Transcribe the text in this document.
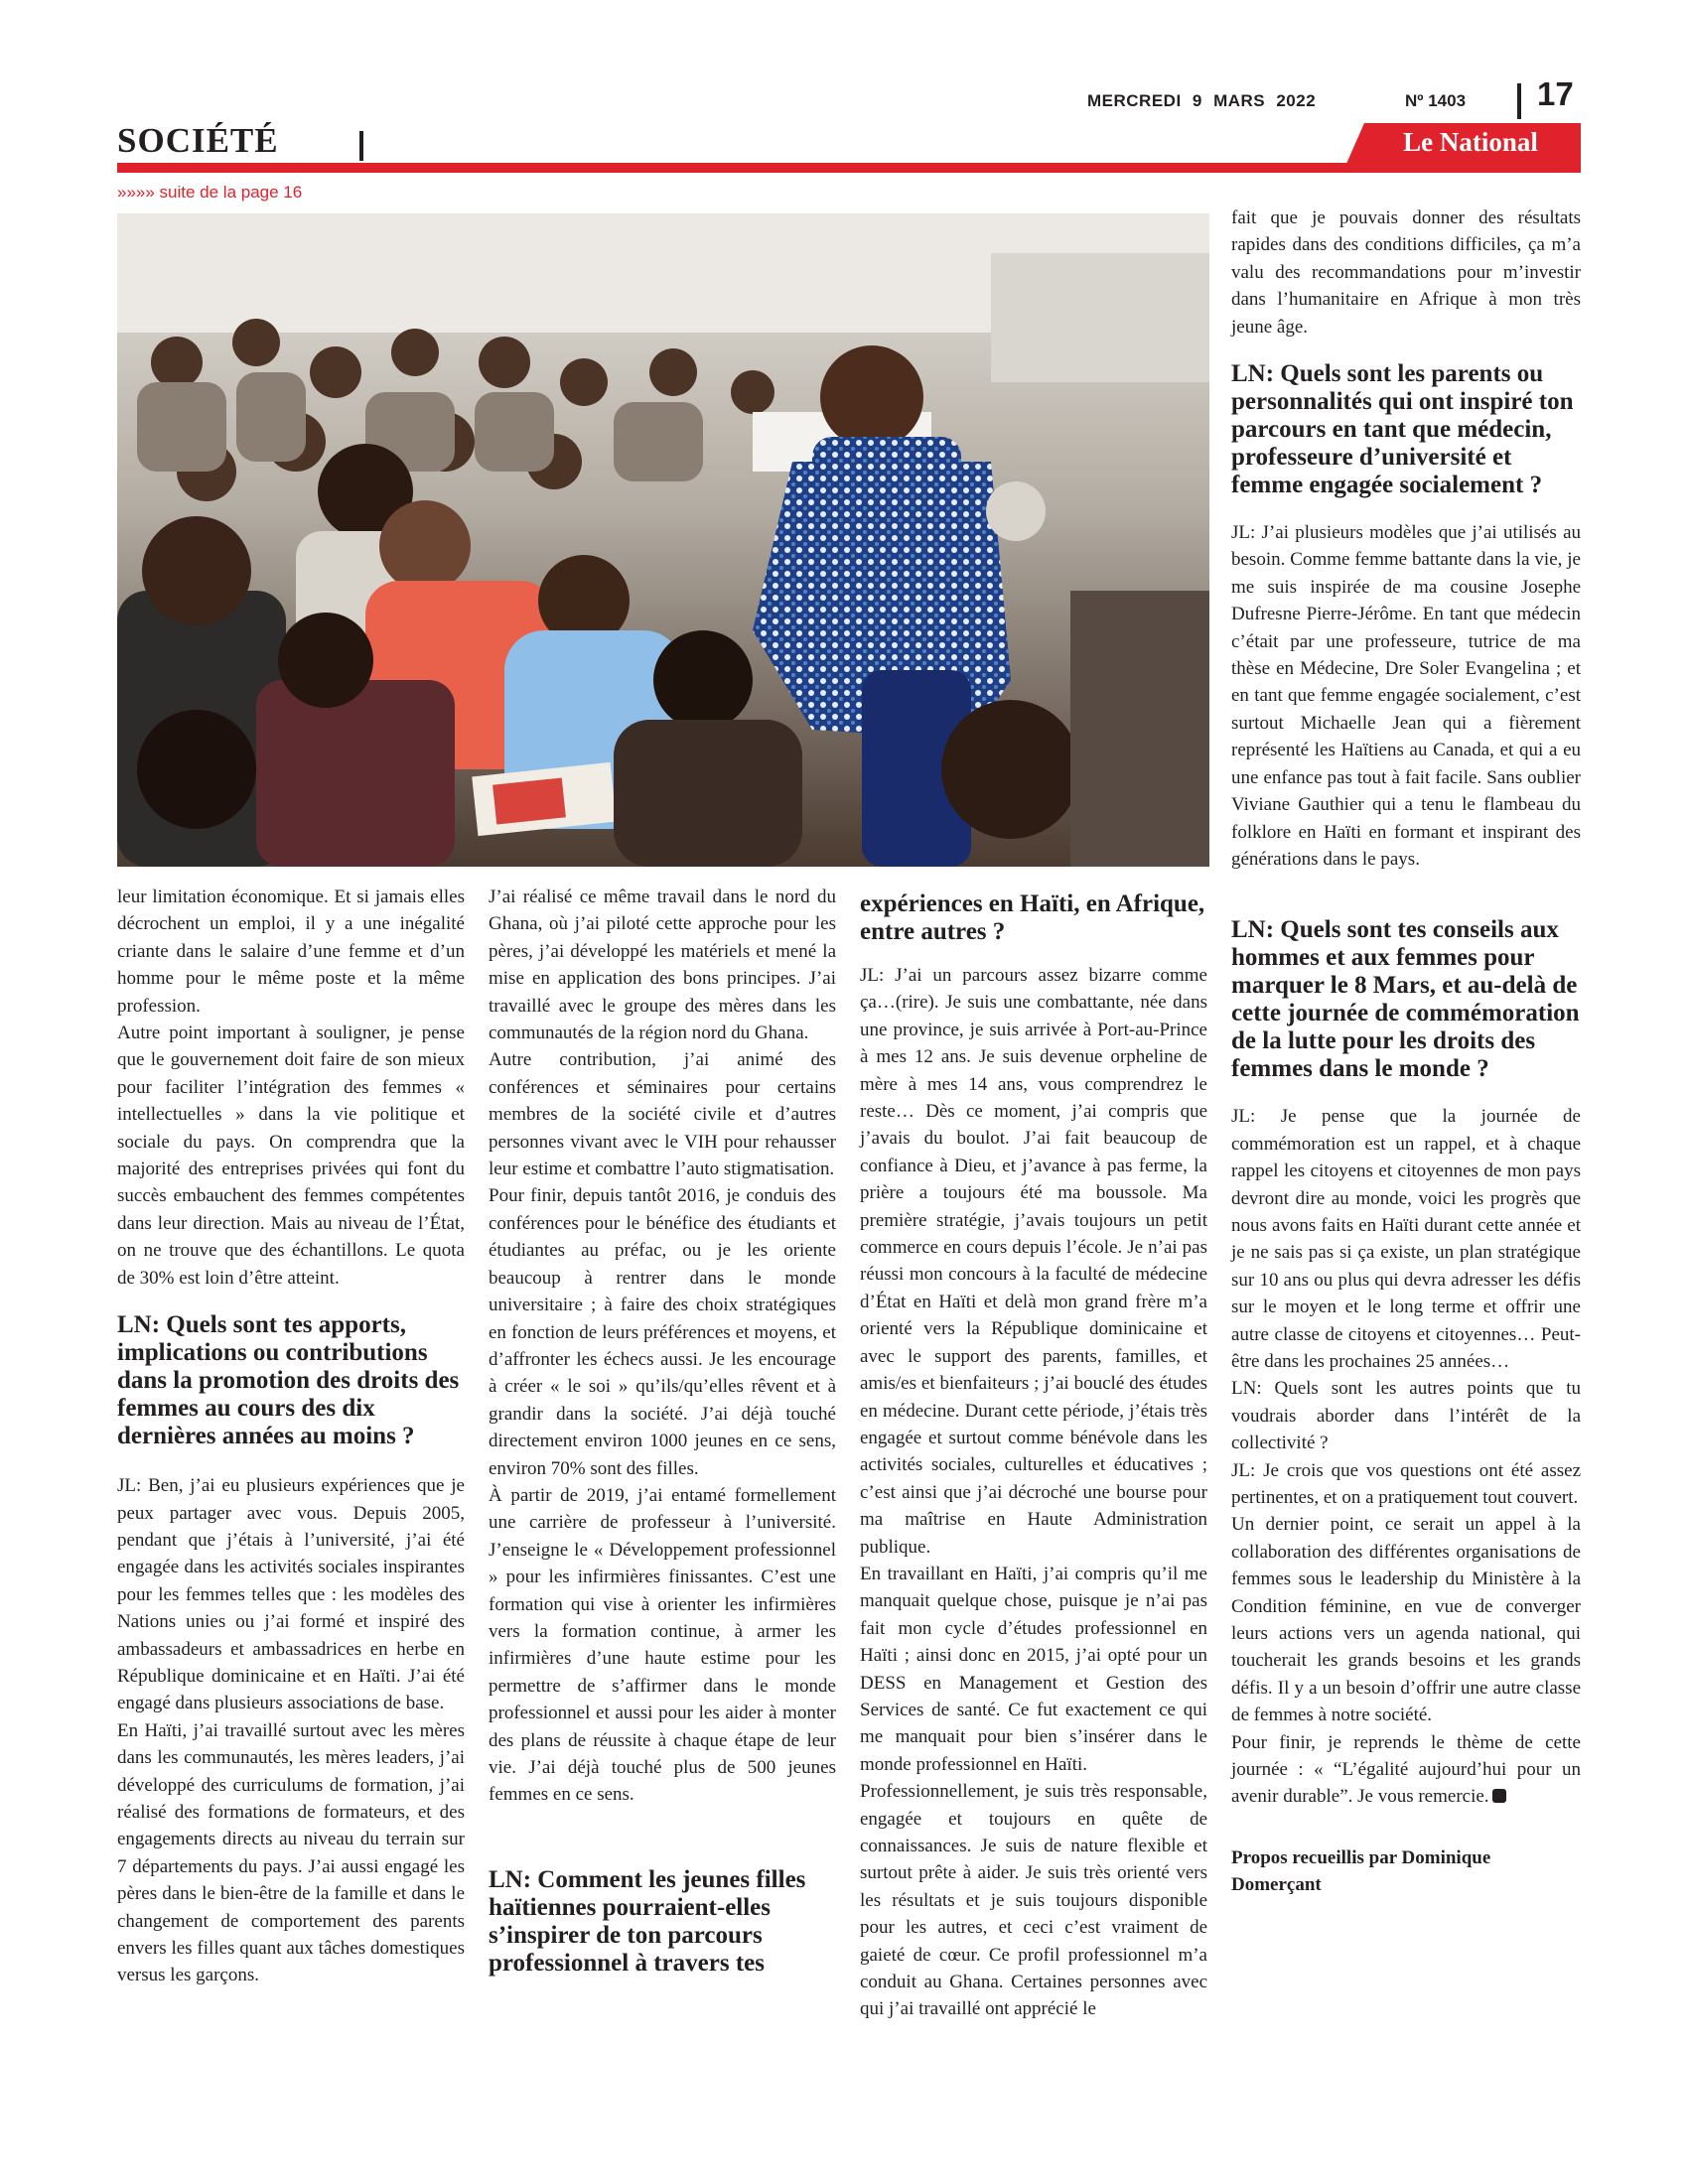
MERCREDI 9 MARS 2022	Nº 1403 17
SOCIÉTÉ	Le National
»»»» suite de la page 16

leur limitation économique. Et si jamais elles décrochent un emploi, il y a une inégalité criante dans le salaire d’une femme et d’un homme pour le même poste et la même profession.

Autre point important à souligner, je pense que le gouvernement doit faire de son mieux pour faciliter l’intégration des femmes « intellectuelles » dans la vie politique et sociale du pays. On comprendra que la majorité des entreprises privées qui font du succès embauchent des femmes compétentes dans leur direction. Mais au niveau de l’État, on ne trouve que des échantillons. Le quota de 30% est loin d’être atteint.

LN: Quels sont tes apports, implications ou contributions dans la promotion des droits des femmes au cours des dix dernières années au moins ?

JL: Ben, j’ai eu plusieurs expériences que je peux partager avec vous. Depuis 2005, pendant que j’étais à l’université, j’ai été engagée dans les activités sociales inspirantes pour les femmes telles que : les modèles des Nations unies ou j’ai formé et inspiré des ambassadeurs et ambassadrices en herbe en République dominicaine et en Haïti. J’ai été engagé dans plusieurs associations de base.

En Haïti, j’ai travaillé surtout avec les mères dans les communautés, les mères leaders, j’ai développé des curriculums de formation, j’ai réalisé des formations de formateurs, et des engagements directs au niveau du terrain sur 7 départements du pays. J’ai aussi engagé les pères dans le bien-être de la famille et dans le changement de comportement des parents envers les filles quant aux tâches domestiques versus les garçons.

J’ai réalisé ce même travail dans le nord du Ghana, où j’ai piloté cette approche pour les pères, j’ai développé les matériels et mené la mise en application des bons principes. J’ai travaillé avec le groupe des mères dans les communautés de la région nord du Ghana.

Autre contribution, j’ai animé des conférences et séminaires pour certains membres de la société civile et d’autres personnes vivant avec le VIH pour rehausser leur estime et combattre l’auto stigmatisation.

Pour finir, depuis tantôt 2016, je conduis des conférences pour le bénéfice des étudiants et étudiantes au préfac, ou je les oriente beaucoup à rentrer dans le monde universitaire ; à faire des choix stratégiques en fonction de leurs préférences et moyens, et d’affronter les échecs aussi. Je les encourage à créer « le soi » qu’ils/qu’elles rêvent et à grandir dans la société. J’ai déjà touché directement environ 1000 jeunes en ce sens, environ 70% sont des filles.

À partir de 2019, j’ai entamé formellement une carrière de professeur à l’université. J’enseigne le « Développement professionnel » pour les infirmières finissantes. C’est une formation qui vise à orienter les infirmières vers la formation continue, à armer les infirmières d’une haute estime pour les permettre de s’affirmer dans le monde professionnel et aussi pour les aider à monter des plans de réussite à chaque étape de leur vie. J’ai déjà touché plus de 500 jeunes femmes en ce sens.

LN: Comment les jeunes filles haïtiennes pourraient-elles s’inspirer de ton parcours professionnel à travers tes
expériences en Haïti, en Afrique, entre autres ?

JL: J’ai un parcours assez bizarre comme ça…(rire). Je suis une combattante, née dans une province, je suis arrivée à Port-au-Prince à mes 12 ans. Je suis devenue orpheline de mère à mes 14 ans, vous comprendrez le reste… Dès ce moment, j’ai compris que j’avais du boulot. J’ai fait beaucoup de confiance à Dieu, et j’avance à pas ferme, la prière a toujours été ma boussole. Ma première stratégie, j’avais toujours un petit commerce en cours depuis l’école. Je n’ai pas réussi mon concours à la faculté de médecine d’État en Haïti et delà mon grand frère m’a orienté vers la République dominicaine et avec le support des parents, familles, et amis/es et bienfaiteurs ; j’ai bouclé des études en médecine. Durant cette période, j’étais très engagée et surtout comme bénévole dans les activités sociales, culturelles et éducatives ; c’est ainsi que j’ai décroché une bourse pour ma maîtrise en Haute Administration publique.

En travaillant en Haïti, j’ai compris qu’il me manquait quelque chose, puisque je n’ai pas fait mon cycle d’études professionnel en Haïti ; ainsi donc en 2015, j’ai opté pour un DESS en Management et Gestion des Services de santé. Ce fut exactement ce qui me manquait pour bien s’insérer dans le monde professionnel en Haïti.

Professionnellement, je suis très responsable, engagée et toujours en quête de connaissances. Je suis de nature flexible et surtout prête à aider. Je suis très orienté vers les résultats et je suis toujours disponible pour les autres, et ceci c’est vraiment de gaieté de cœur. Ce profil professionnel m’a conduit au Ghana. Certaines personnes avec qui j’ai travaillé ont apprécié le

fait que je pouvais donner des résultats rapides dans des conditions difficiles, ça m’a valu des recommandations pour m’investir dans l’humanitaire en Afrique à mon très jeune âge.

LN: Quels sont les parents ou personnalités qui ont inspiré ton parcours en tant que médecin, professeure d’université et femme engagée socialement ?

JL: J’ai plusieurs modèles que j’ai utilisés au besoin. Comme femme battante dans la vie, je me suis inspirée de ma cousine Josephe Dufresne Pierre-Jérôme. En tant que médecin c’était par une professeure, tutrice de ma thèse en Médecine, Dre Soler Evangelina ; et en tant que femme engagée socialement, c’est surtout Michaelle Jean qui a fièrement représenté les Haïtiens au Canada, et qui a eu une enfance pas tout à fait facile. Sans oublier Viviane Gauthier qui a tenu le flambeau du folklore en Haïti en formant et inspirant des générations dans le pays.

LN: Quels sont tes conseils aux hommes et aux femmes pour marquer le 8 Mars, et au-delà de cette journée de commémoration de la lutte pour les droits des femmes dans le monde ?

JL: Je pense que la journée de commémoration est un rappel, et à chaque rappel les citoyens et citoyennes de mon pays devront dire au monde, voici les progrès que nous avons faits en Haïti durant cette année et je ne sais pas si ça existe, un plan stratégique sur 10 ans ou plus qui devra adresser les défis sur le moyen et le long terme et offrir une autre classe de citoyens et citoyennes… Peut-être dans les prochaines 25 années…

LN: Quels sont les autres points que tu voudrais aborder dans l’intérêt de la collectivité ?

JL: Je crois que vos questions ont été assez pertinentes, et on a pratiquement tout couvert.

Un dernier point, ce serait un appel à la collaboration des différentes organisations de femmes sous le leadership du Ministère à la Condition féminine, en vue de converger leurs actions vers un agenda national, qui toucherait les grands besoins et les grands défis. Il y a un besoin d’offrir une autre classe de femmes à notre société.

Pour finir, je reprends le thème de cette journée : « “L’égalité aujourd’hui pour un avenir durable”. Je vous remercie.

Propos recueillis par Dominique Domerçant
